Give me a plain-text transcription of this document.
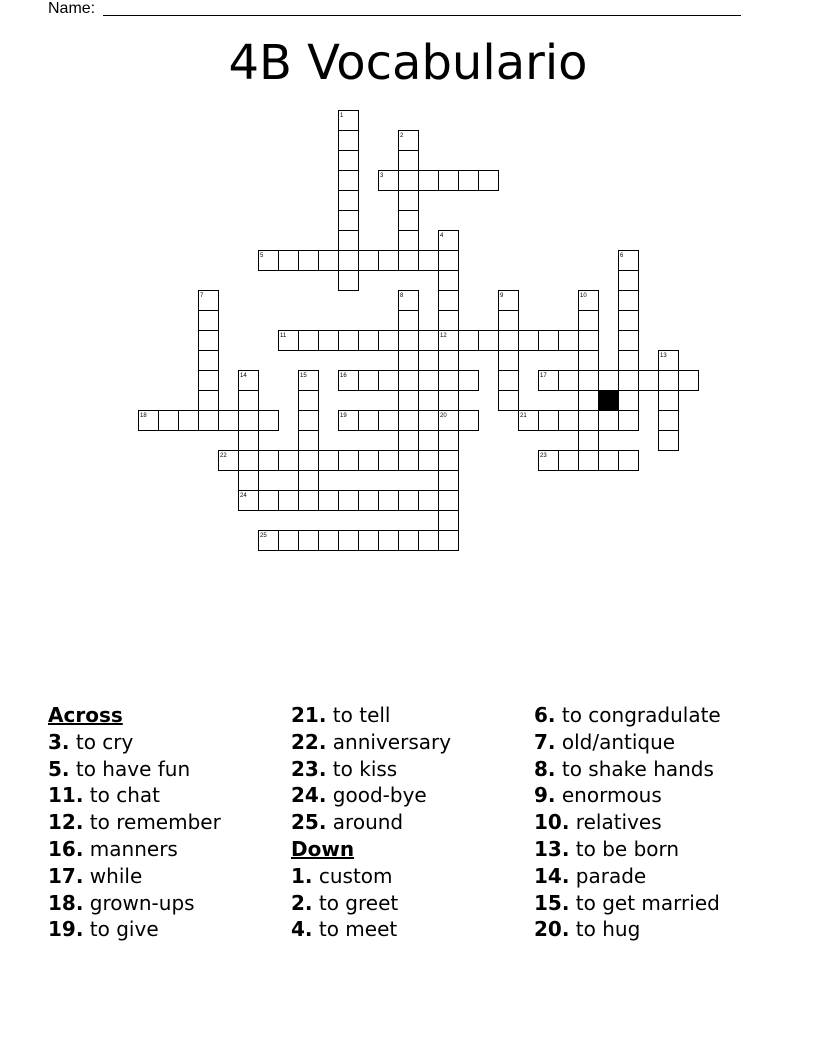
Name:
4B Vocabulario
1
2
3
4
5	6
7	8	9	10
11	12
13
14	15	16	17
18	19	20	21
22	23
24
25
Across
3. to cry
5. to have fun
11. to chat
12. to remember
16. manners
17. while
18. grown-ups
19. to give
21. to tell
22. anniversary
23. to kiss
24. good-bye
25. around
Down
1. custom
2. to greet
4. to meet
6. to congradulate
7. old/antique
8. to shake hands
9. enormous
10. relatives
13. to be born
14. parade
15. to get married
20. to hug
